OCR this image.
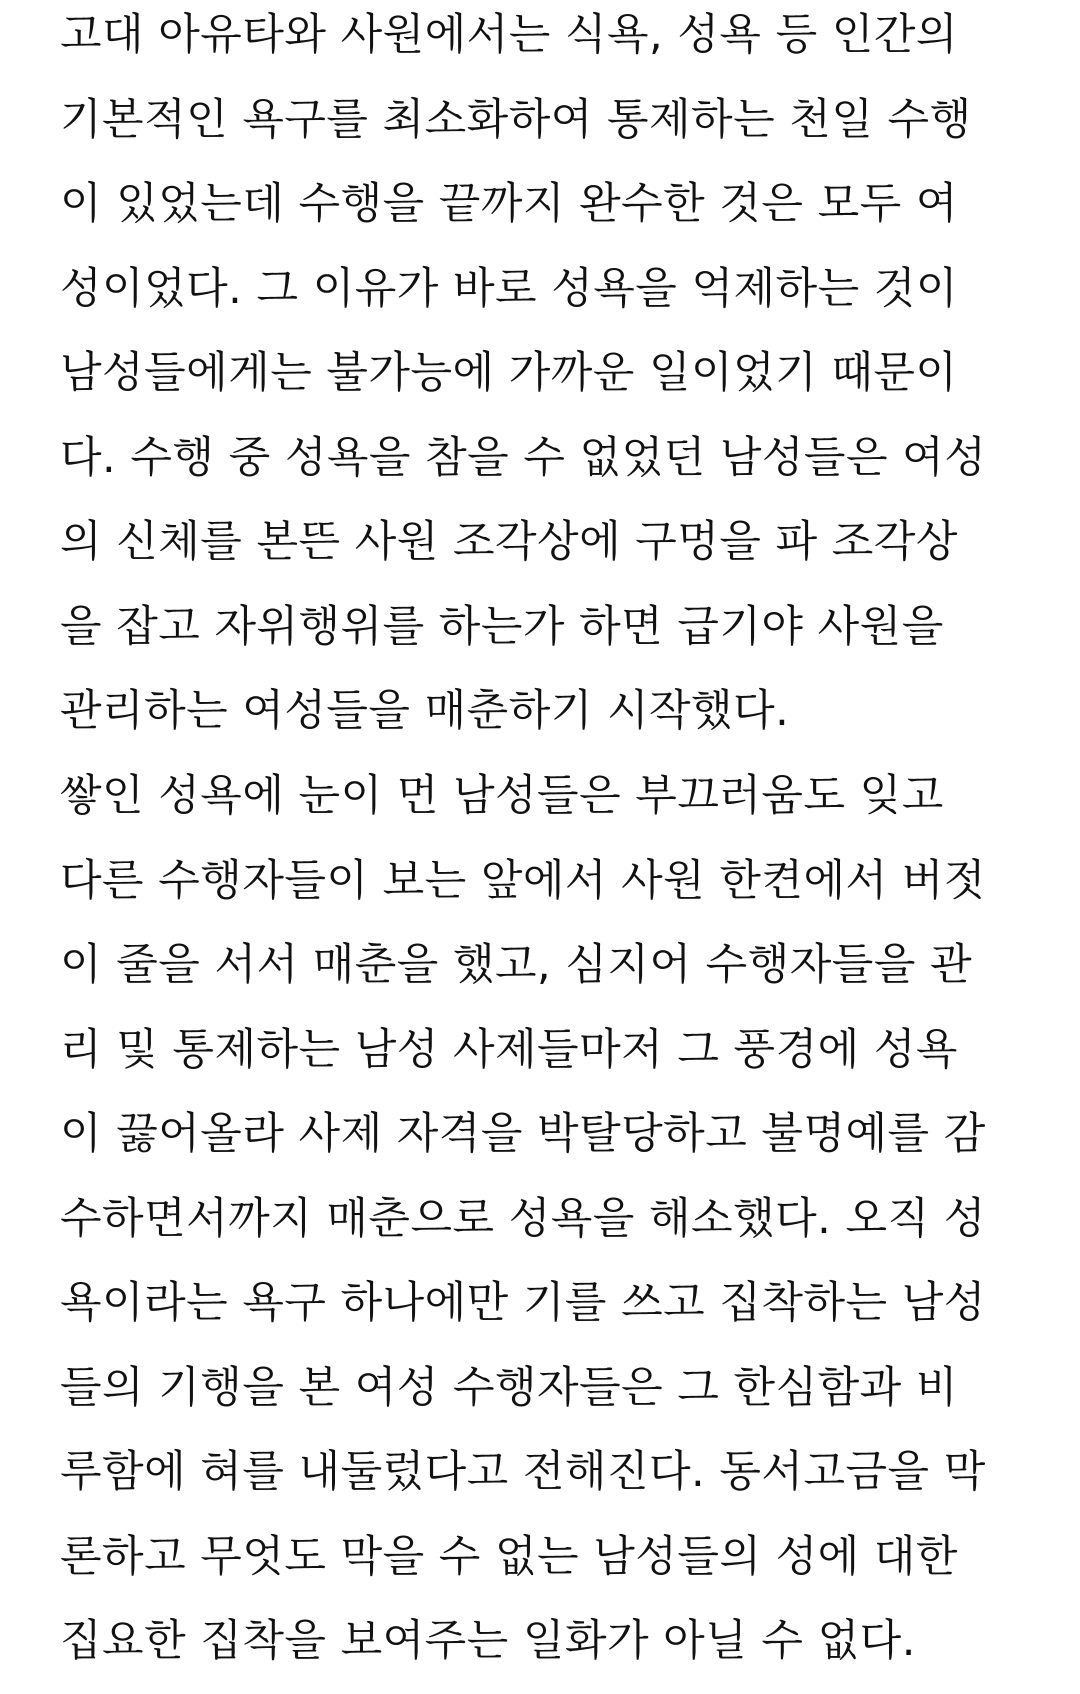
고대 아유타와 사원에서는 식욕, 성욕 등 인간의
기본적인 욕구를 최소화하여 통제하는 천일 수행
이 있었는데 수행을 끝까지 완수한 것은 모두 여
성이었다. 그 이유가 바로 성욕을 억제하는 것이
남성들에게는 불가능에 가까운 일이었기 때문이
다. 수행 중 성욕을 참을 수 없었던 남성들은 여성
의 신체를 본뜬 사원 조각상에 구멍을 파 조각상
을 잡고 자위행위를 하는가 하면 급기야 사원을
관리하는 여성들을 매춘하기 시작했다.
쌓인 성욕에 눈이 먼 남성들은 부끄러움도 잊고
다른 수행자들이 보는 앞에서 사원 한켠에서 버젓
이 줄을 서서 매춘을 했고, 심지어 수행자들을 관
리 및 통제하는 남성 사제들마저 그 풍경에 성욕
이 끓어올라 사제 자격을 박탈당하고 불명예를 감
수하면서까지 매춘으로 성욕을 해소했다. 오직 성
욕이라는 욕구 하나에만 기를 쓰고 집착하는 남성
들의 기행을 본 여성 수행자들은 그 한심함과 비
루함에 혀를 내둘렀다고 전해진다. 동서고금을 막
론하고 무엇도 막을 수 없는 남성들의 성에 대한
집요한 집착을 보여주는 일화가 아닐 수 없다.
